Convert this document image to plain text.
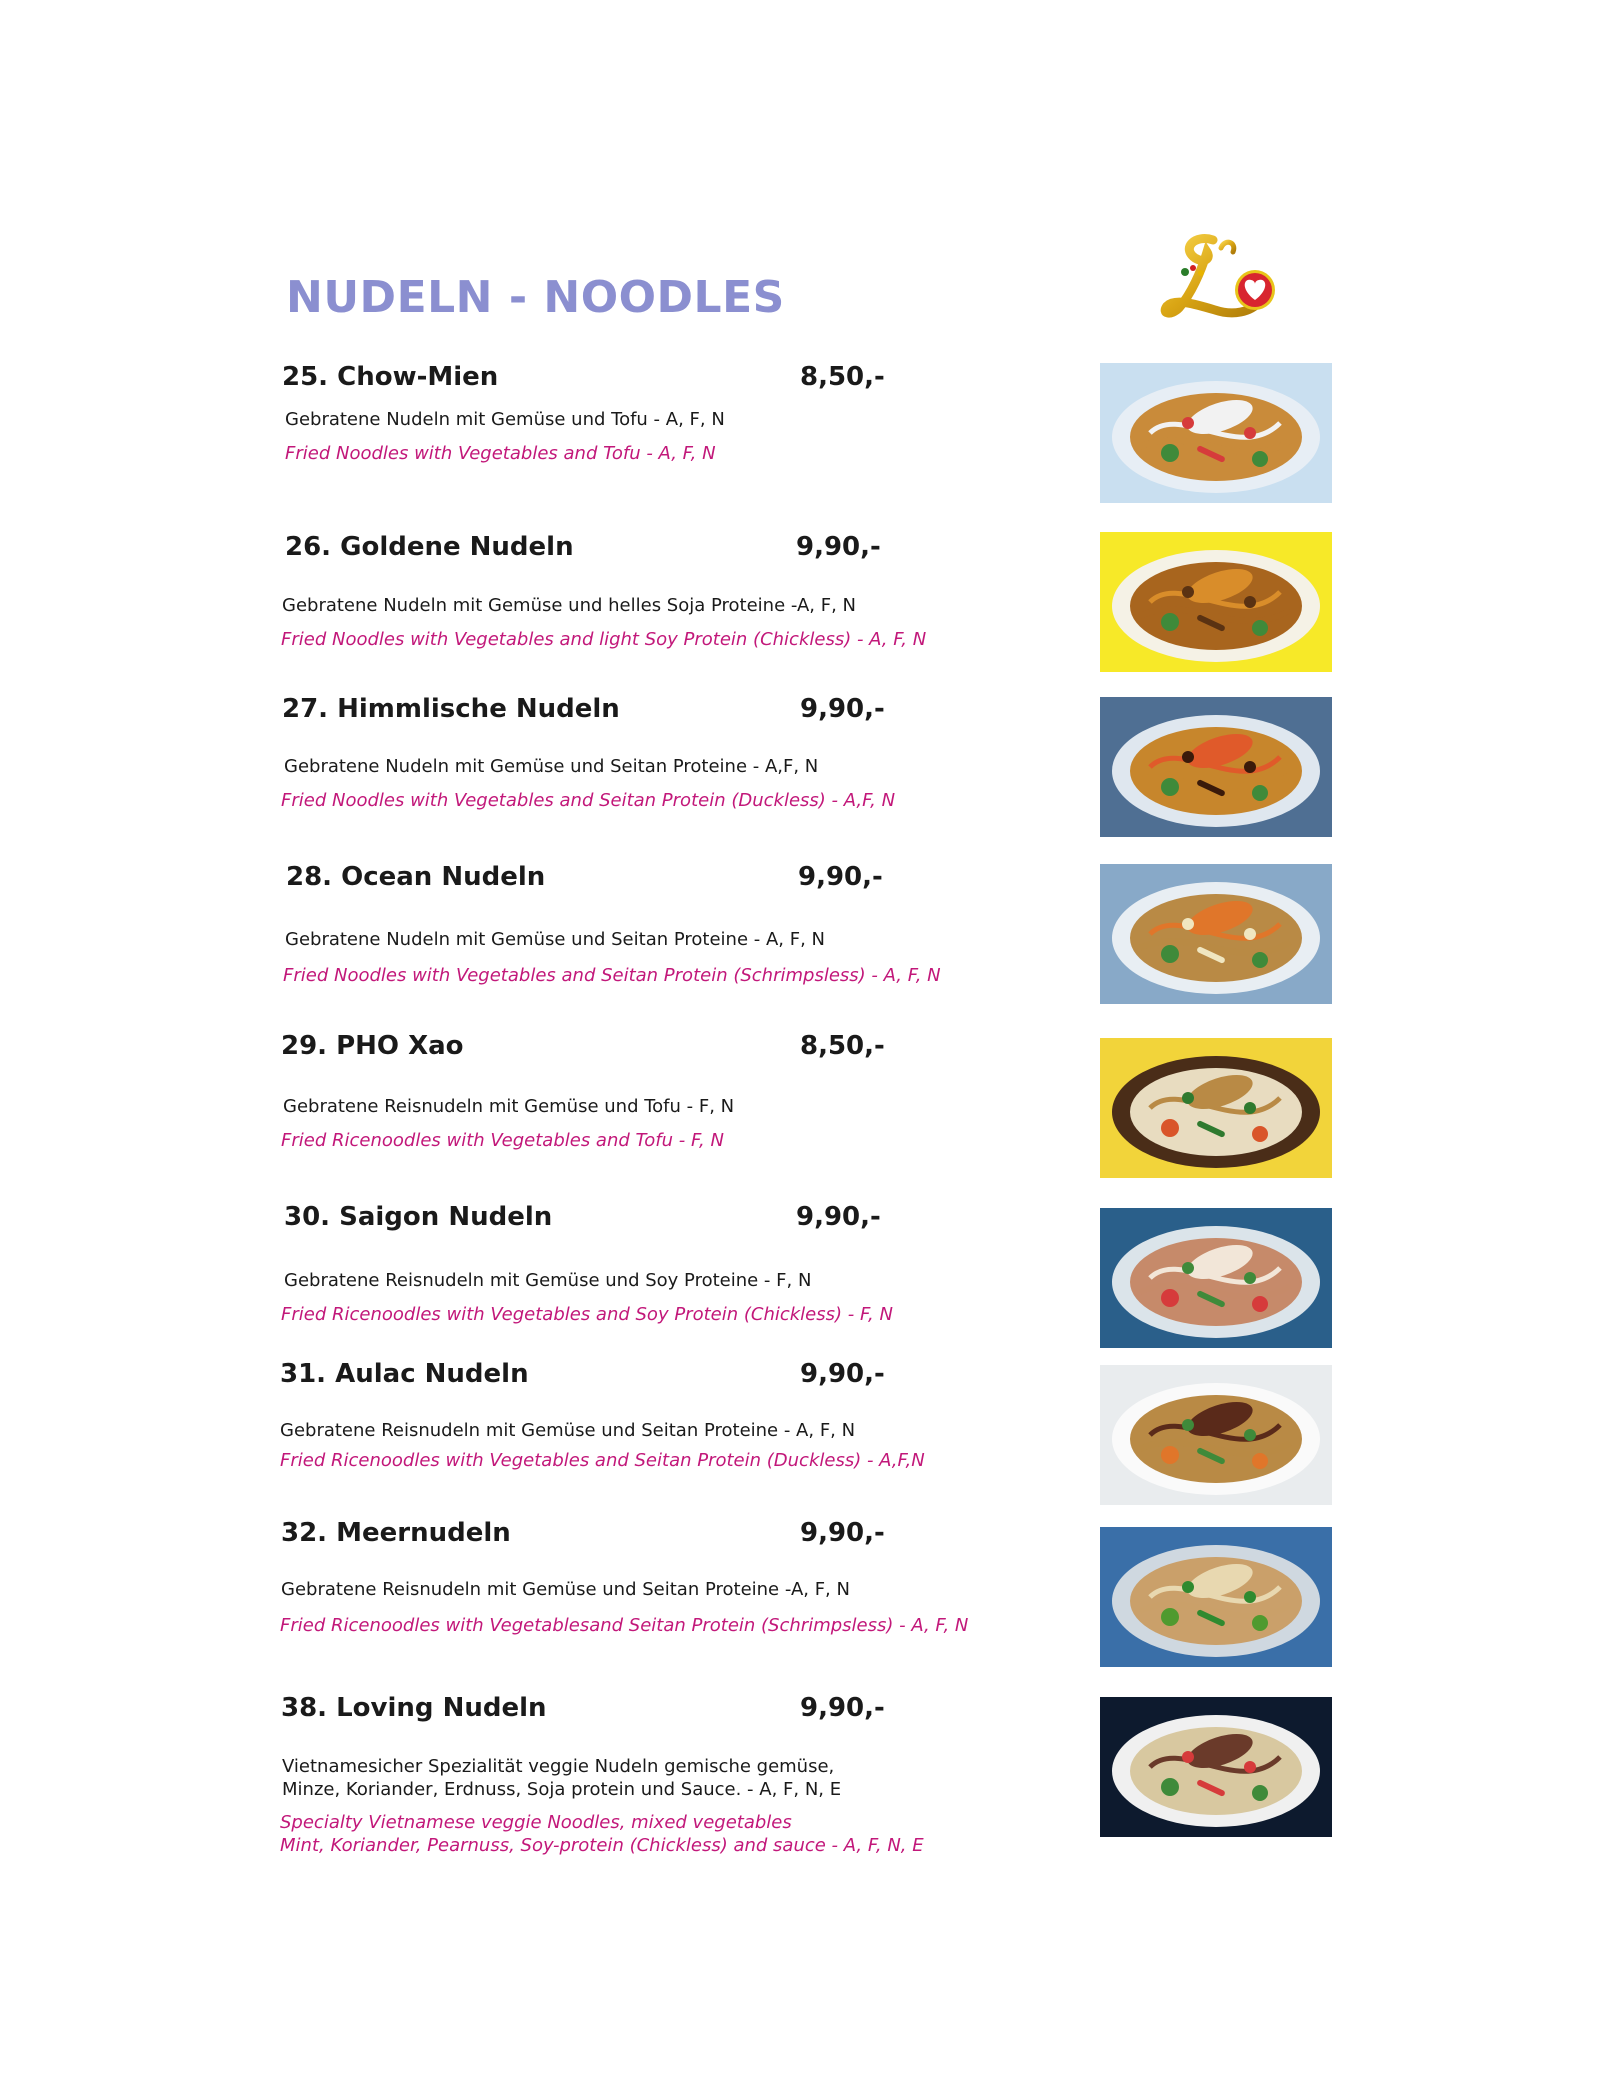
NUDELN - NOODLES
25. Chow-Mien	8,50,-
Gebratene Nudeln mit Gemüse und Tofu - A, F, N
Fried Noodles with Vegetables and Tofu - A, F, N
26. Goldene Nudeln	9,90,-
Gebratene Nudeln mit Gemüse und helles Soja Proteine -A, F, N
Fried Noodles with Vegetables and light Soy Protein (Chickless) - A, F, N
27. Himmlische Nudeln	9,90,-
Gebratene Nudeln mit Gemüse und Seitan Proteine - A,F, N
Fried Noodles with Vegetables and Seitan Protein (Duckless) - A,F, N
28. Ocean Nudeln	9,90,-
Gebratene Nudeln mit Gemüse und Seitan Proteine - A, F, N
Fried Noodles with Vegetables and Seitan Protein (Schrimpsless) - A, F, N
29. PHO Xao	8,50,-
Gebratene Reisnudeln mit Gemüse und Tofu - F, N
Fried Ricenoodles with Vegetables and Tofu - F, N
30. Saigon Nudeln	9,90,-
Gebratene Reisnudeln mit Gemüse und Soy Proteine - F, N
Fried Ricenoodles with Vegetables and Soy Protein (Chickless) - F, N
31. Aulac Nudeln	9,90,-
Gebratene Reisnudeln mit Gemüse und Seitan Proteine - A, F, N
Fried Ricenoodles with Vegetables and Seitan Protein (Duckless) - A,F,N
32. Meernudeln	9,90,-
Gebratene Reisnudeln mit Gemüse und Seitan Proteine -A, F, N
Fried Ricenoodles with Vegetablesand Seitan Protein (Schrimpsless) - A, F, N
38. Loving Nudeln	9,90,-
Vietnamesicher Spezialität veggie Nudeln gemische gemüse,
Minze, Koriander, Erdnuss, Soja protein und Sauce. - A, F, N, E
Specialty Vietnamese veggie Noodles, mixed vegetables
Mint, Koriander, Pearnuss, Soy-protein (Chickless) and sauce - A, F, N, E
